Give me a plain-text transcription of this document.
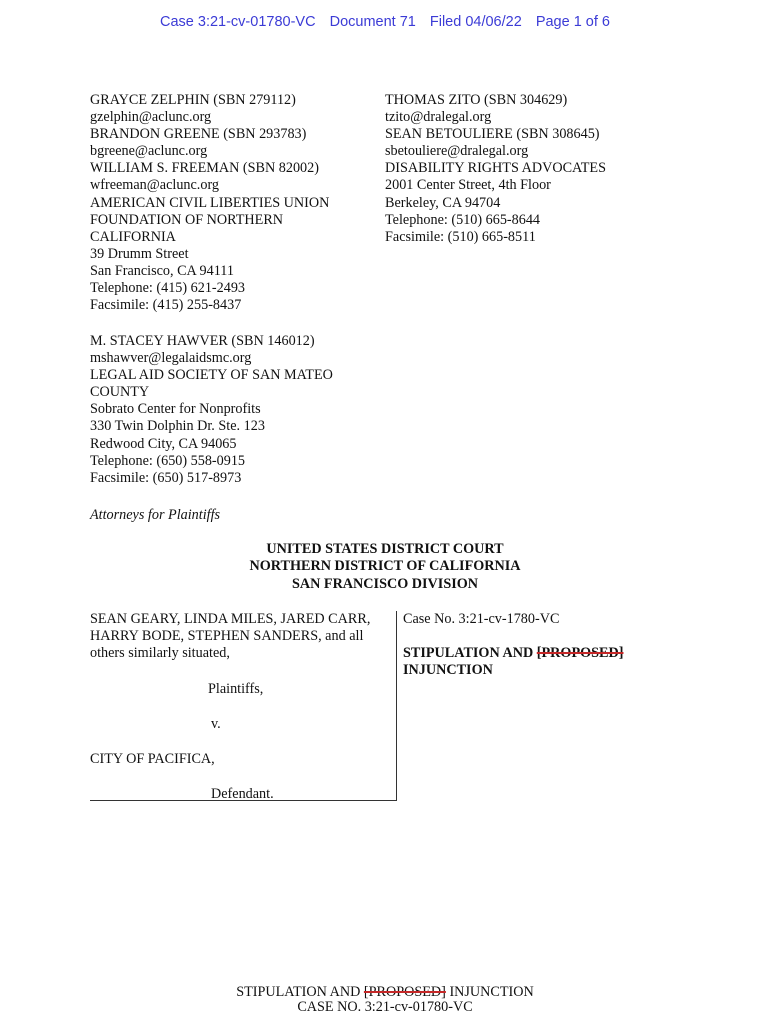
Case 3:21-cv-01780-VC Document 71 Filed 04/06/22 Page 1 of 6
GRAYCE ZELPHIN (SBN 279112)
gzelphin@aclunc.org
BRANDON GREENE (SBN 293783)
bgreene@aclunc.org
WILLIAM S. FREEMAN (SBN 82002)
wfreeman@aclunc.org
AMERICAN CIVIL LIBERTIES UNION FOUNDATION OF NORTHERN CALIFORNIA
39 Drumm Street
San Francisco, CA 94111
Telephone: (415) 621-2493
Facsimile: (415) 255-8437
THOMAS ZITO (SBN 304629)
tzito@dralegal.org
SEAN BETOULIERE (SBN 308645)
sbetouliere@dralegal.org
DISABILITY RIGHTS ADVOCATES
2001 Center Street, 4th Floor
Berkeley, CA 94704
Telephone: (510) 665-8644
Facsimile: (510) 665-8511
M. STACEY HAWVER (SBN 146012)
mshawver@legalaidsmc.org
LEGAL AID SOCIETY OF SAN MATEO COUNTY
Sobrato Center for Nonprofits
330 Twin Dolphin Dr. Ste. 123
Redwood City, CA 94065
Telephone: (650) 558-0915
Facsimile: (650) 517-8973
Attorneys for Plaintiffs
UNITED STATES DISTRICT COURT
NORTHERN DISTRICT OF CALIFORNIA
SAN FRANCISCO DIVISION
SEAN GEARY, LINDA MILES, JARED CARR, HARRY BODE, STEPHEN SANDERS, and all others similarly situated,
Plaintiffs,
v.
CITY OF PACIFICA,
Defendant.
Case No. 3:21-cv-1780-VC
STIPULATION AND [PROPOSED]
INJUNCTION
STIPULATION AND [PROPOSED] INJUNCTION
CASE NO. 3:21-cv-01780-VC
